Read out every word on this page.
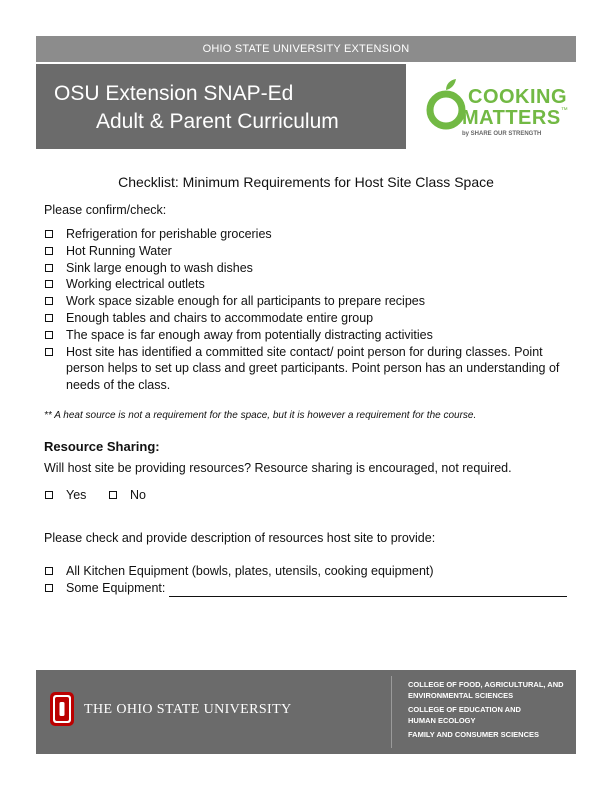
OHIO STATE UNIVERSITY EXTENSION
OSU Extension SNAP-Ed
Adult & Parent Curriculum
COOKING
MATTERS™
by SHARE OUR STRENGTH
Checklist: Minimum Requirements for Host Site Class Space
Please confirm/check:
Refrigeration for perishable groceries
Hot Running Water
Sink large enough to wash dishes
Working electrical outlets
Work space sizable enough for all participants to prepare recipes
Enough tables and chairs to accommodate entire group
The space is far enough away from potentially distracting activities
Host site has identified a committed site contact/ point person for during classes. Point person helps to set up class and greet participants. Point person has an understanding of needs of the class.
** A heat source is not a requirement for the space, but it is however a requirement for the course.
Resource Sharing:
Will host site be providing resources? Resource sharing is encouraged, not required.
Yes	No
Please check and provide description of resources host site to provide:
All Kitchen Equipment (bowls, plates, utensils, cooking equipment)
Some Equipment:
THE OHIO STATE UNIVERSITY
COLLEGE OF FOOD, AGRICULTURAL, AND ENVIRONMENTAL SCIENCES
COLLEGE OF EDUCATION AND HUMAN ECOLOGY
FAMILY AND CONSUMER SCIENCES
